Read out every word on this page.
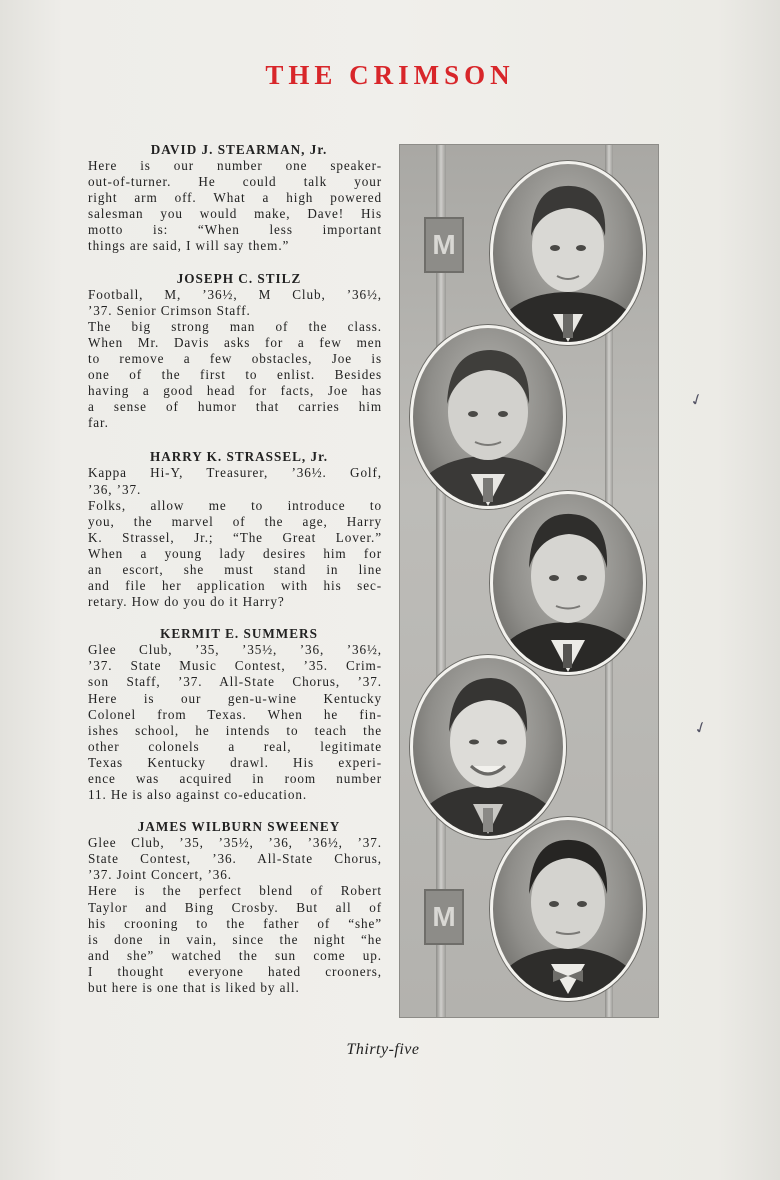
THE CRIMSON
DAVID J. STEARMAN, Jr.
Here is our number one speaker-
out-of-turner. He could talk your
right arm off. What a high powered
salesman you would make, Dave! His
motto is: “When less important
things are said, I will say them.”
JOSEPH C. STILZ
Football, M, ’36½, M Club, ’36½,
’37. Senior Crimson Staff.
The big strong man of the class.
When Mr. Davis asks for a few men
to remove a few obstacles, Joe is
one of the first to enlist. Besides
having a good head for facts, Joe has
a sense of humor that carries him
far.
HARRY K. STRASSEL, Jr.
Kappa Hi-Y, Treasurer, ’36½. Golf,
’36, ’37.
Folks, allow me to introduce to
you, the marvel of the age, Harry
K. Strassel, Jr.; “The Great Lover.”
When a young lady desires him for
an escort, she must stand in line
and file her application with his sec-
retary. How do you do it Harry?
KERMIT E. SUMMERS
Glee Club, ’35, ’35½, ’36, ’36½,
’37. State Music Contest, ’35. Crim-
son Staff, ’37. All-State Chorus, ’37.
Here is our gen-u-wine Kentucky
Colonel from Texas. When he fin-
ishes school, he intends to teach the
other colonels a real, legitimate
Texas Kentucky drawl. His experi-
ence was acquired in room number
11. He is also against co-education.
JAMES WILBURN SWEENEY
Glee Club, ’35, ’35½, ’36, ’36½, ’37.
State Contest, ’36. All-State Chorus,
’37. Joint Concert, ’36.
Here is the perfect blend of Robert
Taylor and Bing Crosby. But all of
his crooning to the father of “she”
is done in vain, since the night “he
and she” watched the sun come up.
I thought everyone hated crooners,
but here is one that is liked by all.
M
M
✓
✓
Thirty-five
